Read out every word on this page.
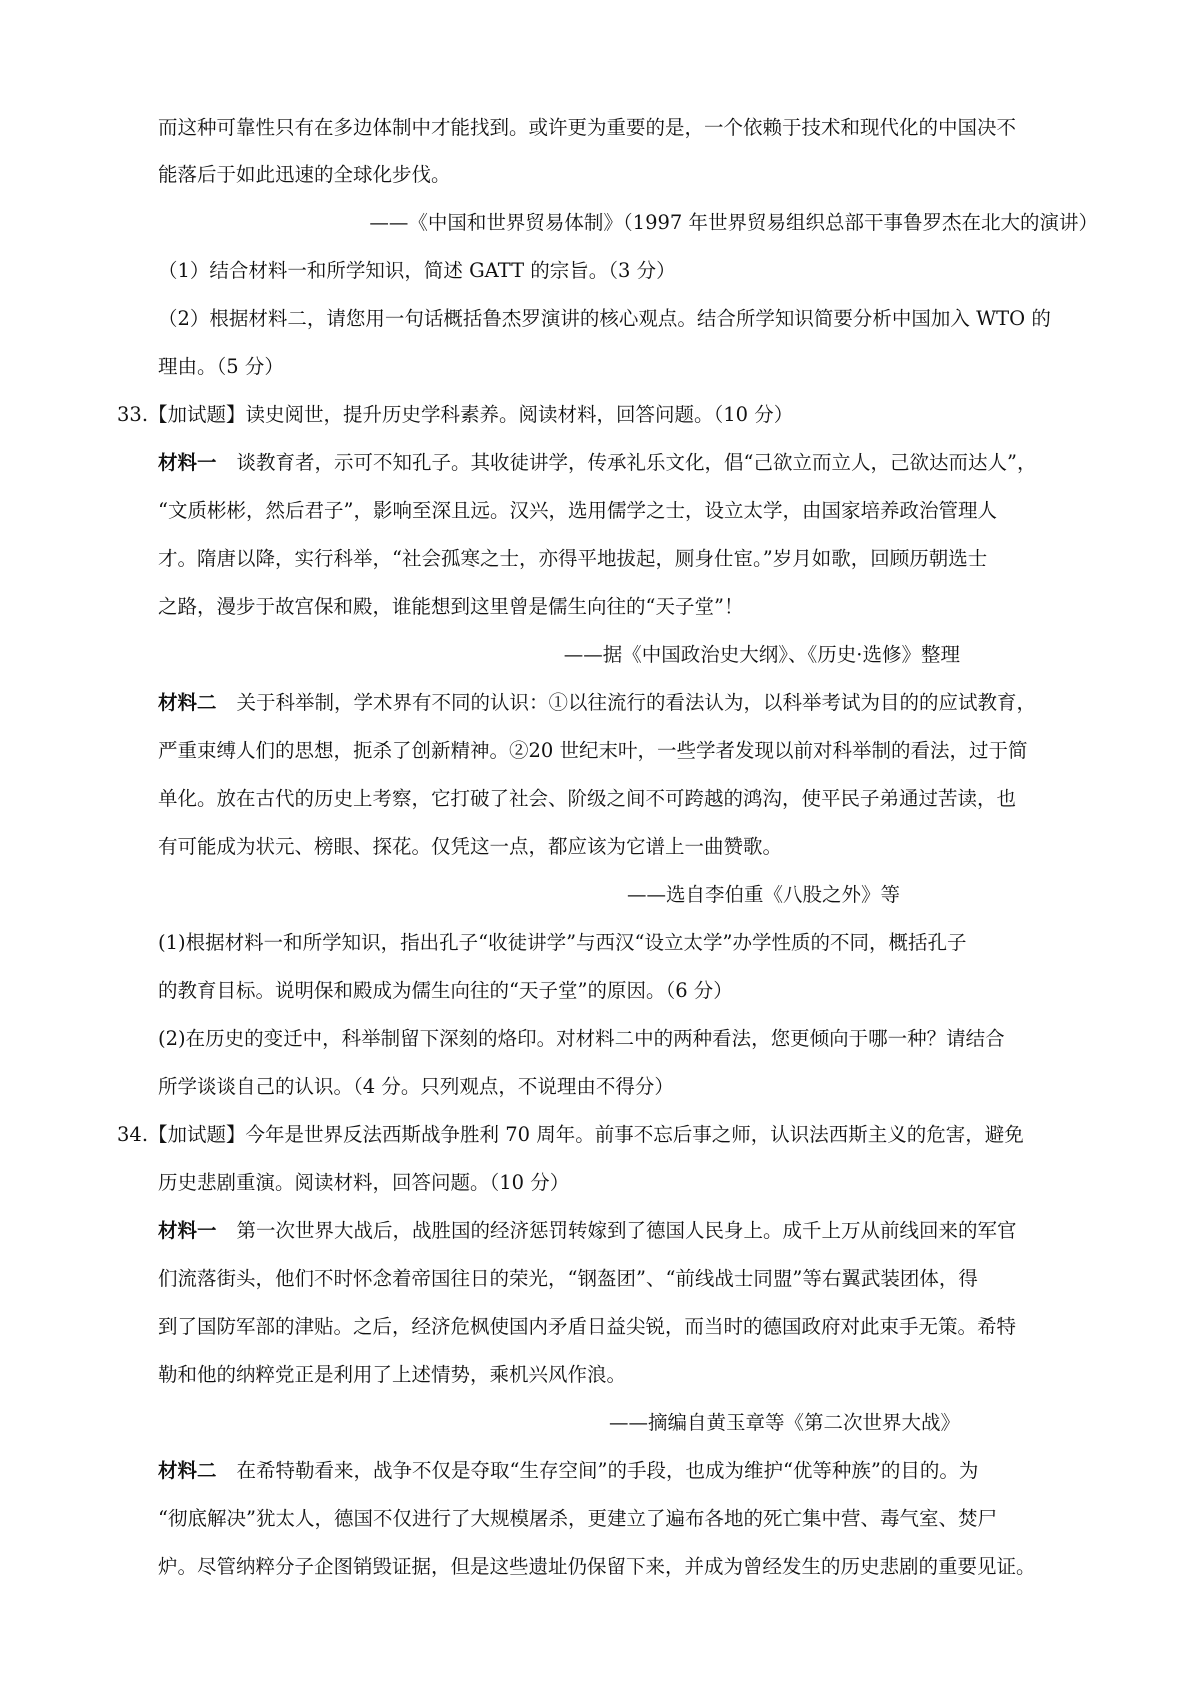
而这种可靠性只有在多边体制中才能找到。或许更为重要的是，一个依赖于技术和现代化的中国决不
能落后于如此迅速的全球化步伐。
——《中国和世界贸易体制》（1997 年世界贸易组织总部干事鲁罗杰在北大的演讲）
（1）结合材料一和所学知识，简述 GATT 的宗旨。（3 分）
（2）根据材料二，请您用一句话概括鲁杰罗演讲的核心观点。结合所学知识简要分析中国加入 WTO 的
理由。（5 分）
33.【加试题】读史阅世，提升历史学科素养。阅读材料，回答问题。（10 分）
材料一 谈教育者，示可不知孔子。其收徒讲学，传承礼乐文化，倡“己欲立而立人，己欲达而达人”，
“文质彬彬，然后君子”，影响至深且远。汉兴，选用儒学之士，设立太学，由国家培养政治管理人
才。隋唐以降，实行科举，“社会孤寒之士，亦得平地拔起，厕身仕宦。”岁月如歌，回顾历朝选士
之路，漫步于故宫保和殿，谁能想到这里曾是儒生向往的“天子堂”！
——据《中国政治史大纲》、《历史·选修》整理
材料二 关于科举制，学术界有不同的认识：①以往流行的看法认为，以科举考试为目的的应试教育，
严重束缚人们的思想，扼杀了创新精神。②20 世纪末叶，一些学者发现以前对科举制的看法，过于简
单化。放在古代的历史上考察，它打破了社会、阶级之间不可跨越的鸿沟，使平民子弟通过苦读，也
有可能成为状元、榜眼、探花。仅凭这一点，都应该为它谱上一曲赞歌。
——选自李伯重《八股之外》等
(1)根据材料一和所学知识，指出孔子“收徒讲学”与西汉“设立太学”办学性质的不同，概括孔子
的教育目标。说明保和殿成为儒生向往的“天子堂”的原因。（6 分）
(2)在历史的变迁中，科举制留下深刻的烙印。对材料二中的两种看法，您更倾向于哪一种？请结合
所学谈谈自己的认识。（4 分。只列观点，不说理由不得分）
34.【加试题】今年是世界反法西斯战争胜利 70 周年。前事不忘后事之师，认识法西斯主义的危害，避免
历史悲剧重演。阅读材料，回答问题。（10 分）
材料一 第一次世界大战后，战胜国的经济惩罚转嫁到了德国人民身上。成千上万从前线回来的军官
们流落街头，他们不时怀念着帝国往日的荣光，“钢盔团”、“前线战士同盟”等右翼武装团体，得
到了国防军部的津贴。之后，经济危枫使国内矛盾日益尖锐，而当时的德国政府对此束手无策。希特
勒和他的纳粹党正是利用了上述情势，乘机兴风作浪。
——摘编自黄玉章等《第二次世界大战》
材料二 在希特勒看来，战争不仅是夺取“生存空间”的手段，也成为维护“优等种族”的目的。为
“彻底解决”犹太人，德国不仅进行了大规模屠杀，更建立了遍布各地的死亡集中营、毒气室、焚尸
炉。尽管纳粹分子企图销毁证据，但是这些遗址仍保留下来，并成为曾经发生的历史悲剧的重要见证。
